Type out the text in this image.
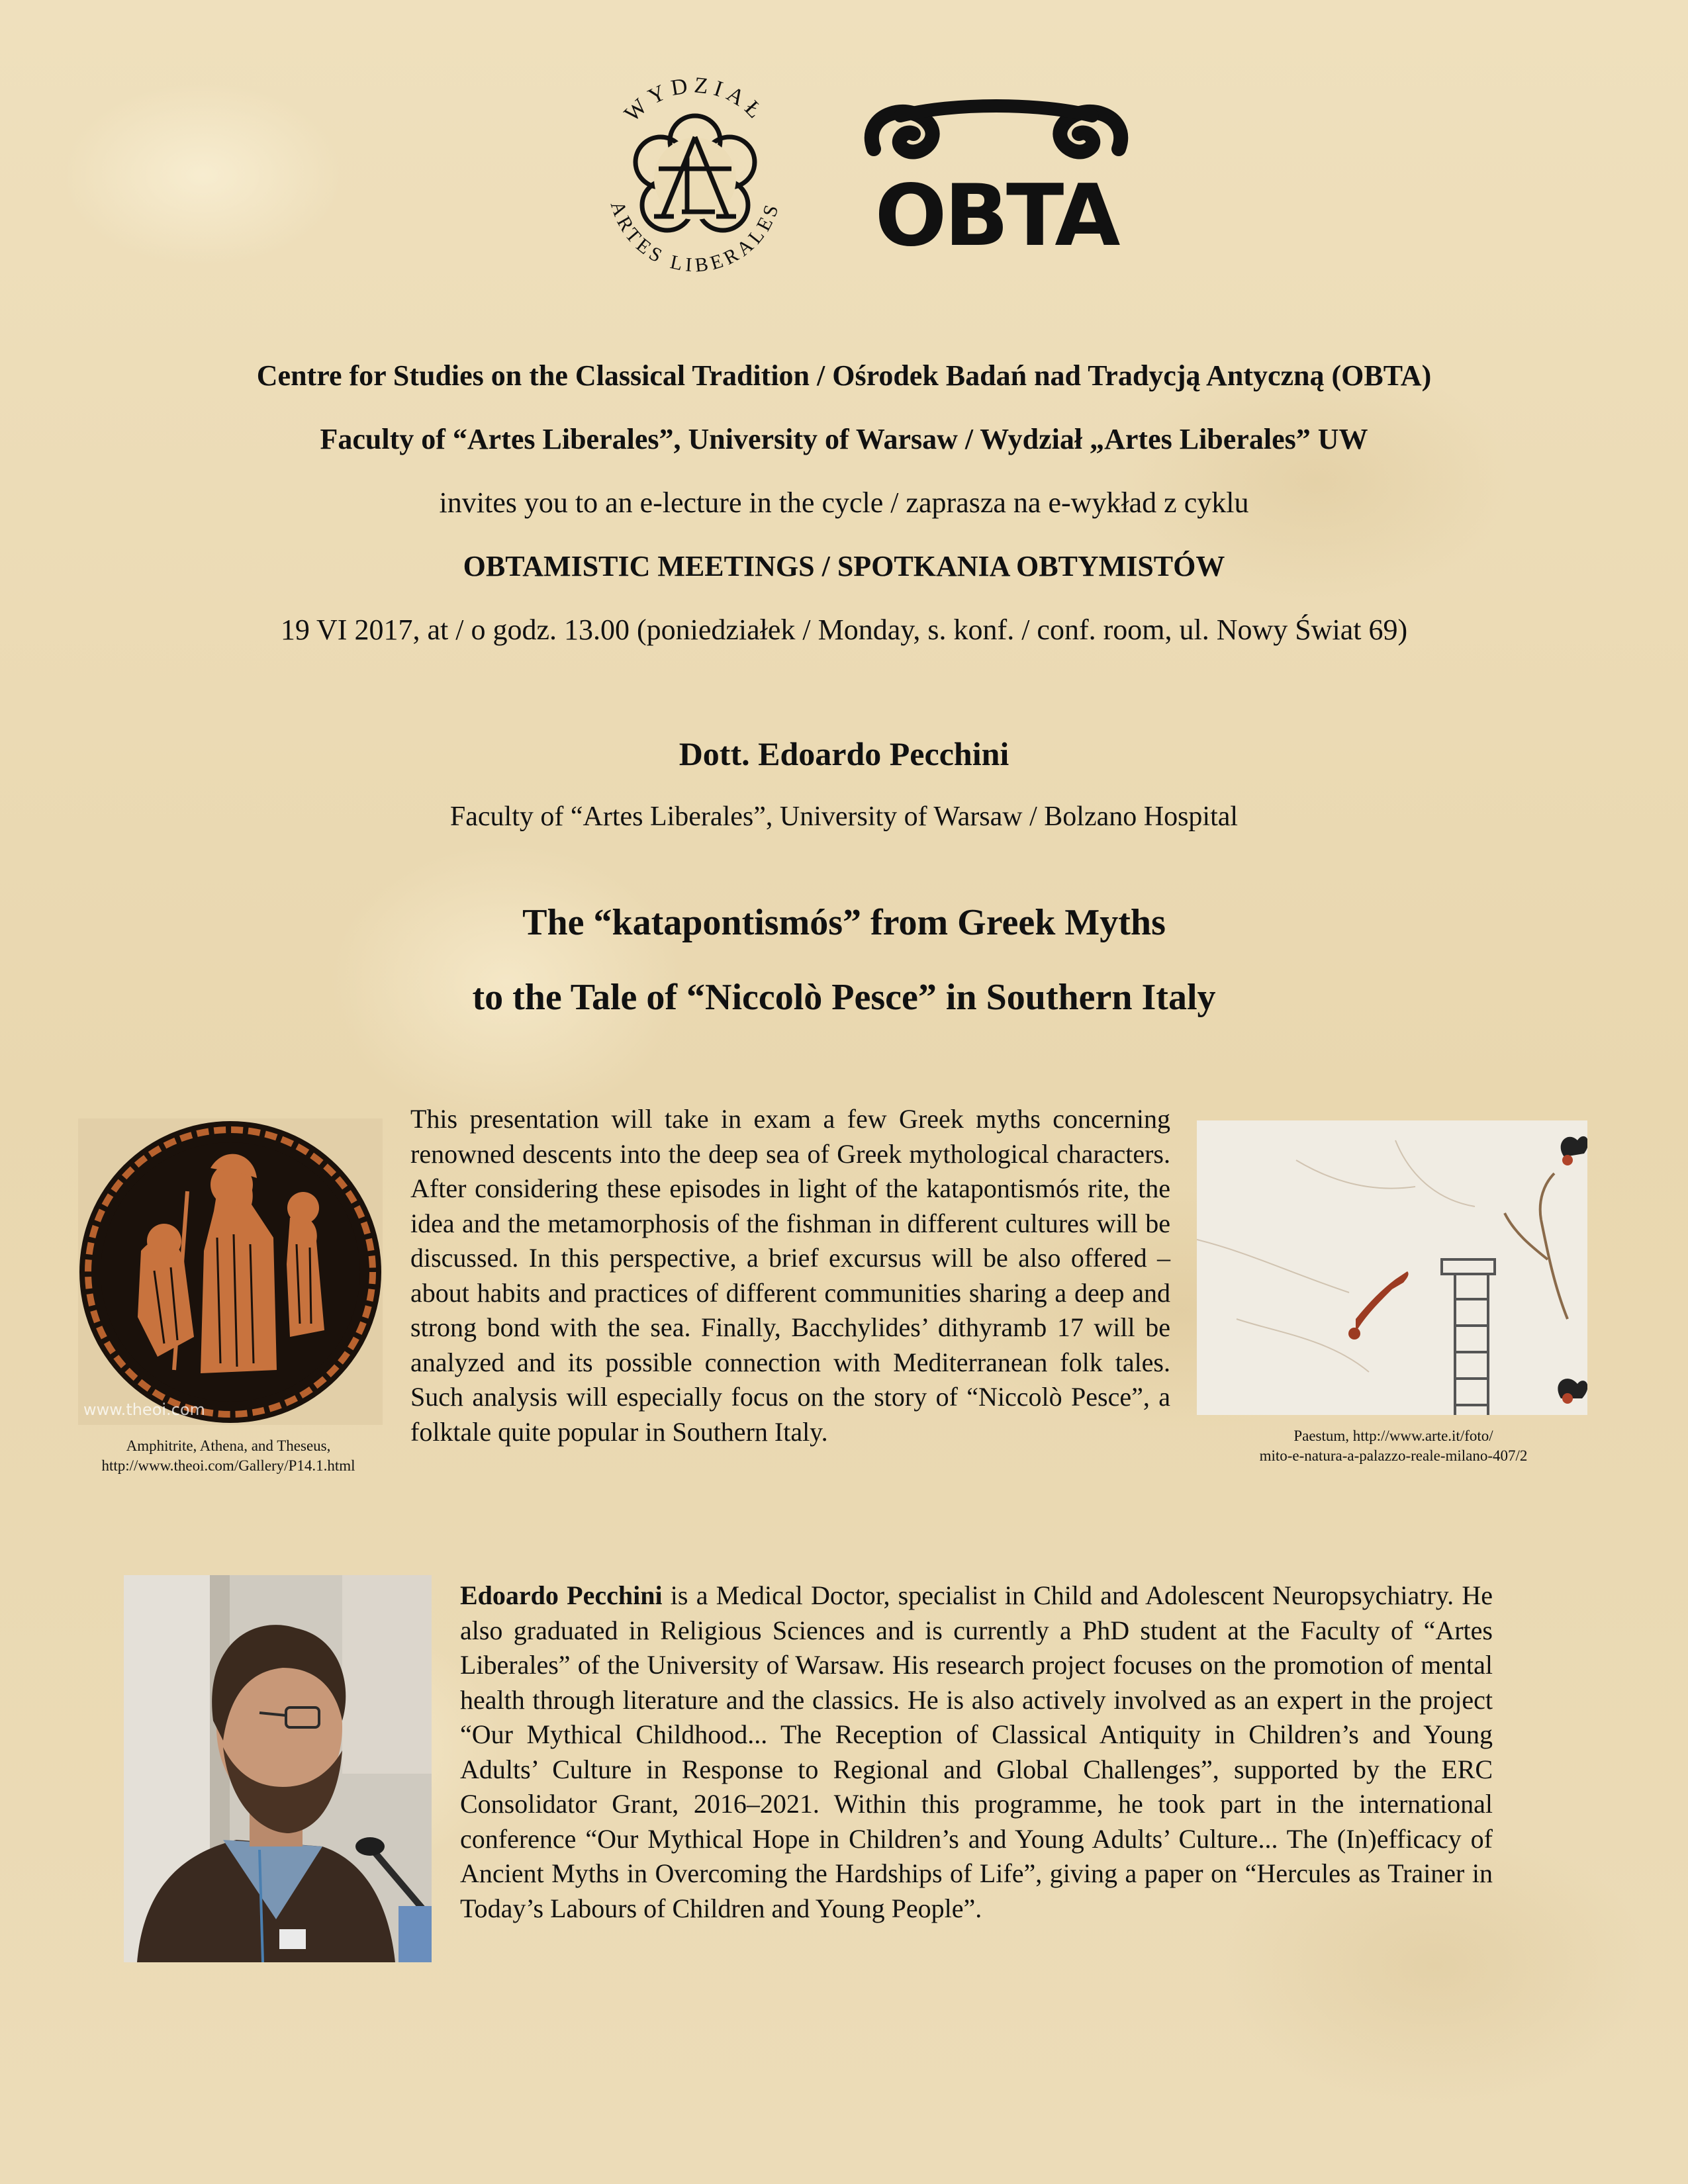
WYDZIAŁ
ARTES LIBERALES OBTA
Centre for Studies on the Classical Tradition / Ośrodek Badań nad Tradycją Antyczną (OBTA)
Faculty of “Artes Liberales”, University of Warsaw / Wydział „Artes Liberales” UW
invites you to an e-lecture in the cycle / zaprasza na e-wykład z cyklu
OBTAMISTIC MEETINGS / SPOTKANIA OBTYMISTÓW
19 VI 2017, at / o godz. 13.00 (poniedziałek / Monday, s. konf. / conf. room, ul. Nowy Świat 69)
Dott. Edoardo Pecchini
Faculty of “Artes Liberales”, University of Warsaw / Bolzano Hospital
The “katapontismós” from Greek Myths
to the Tale of “Niccolò Pesce” in Southern Italy
www.theoi.com
Amphitrite, Athena, and Theseus,
http://www.theoi.com/Gallery/P14.1.html
This presentation will take in exam a few Greek myths concerning renowned descents into the deep sea of Greek mythological characters. After considering these episodes in light of the katapontismós rite, the idea and the metamorphosis of the fishman in different cultures will be discussed. In this perspective, a brief excursus will be also offered – about habits and practices of different communities sharing a deep and strong bond with the sea. Finally, Bacchylides’ dithyramb 17 will be analyzed and its possible connection with Mediterranean folk tales. Such analysis will especially focus on the story of “Niccolò Pesce”, a folktale quite popular in Southern Italy.	Paestum, http://www.arte.it/foto/
mito-e-natura-a-palazzo-reale-milano-407/2
Edoardo Pecchini is a Medical Doctor, specialist in Child and Adolescent Neuropsychiatry. He also graduated in Religious Sciences and is currently a PhD student at the Faculty of “Artes Liberales” of the University of Warsaw. His research project focuses on the promotion of mental health through literature and the classics. He is also actively involved as an expert in the project “Our Mythical Childhood... The Reception of Classical Antiquity in Children’s and Young Adults’ Culture in Response to Regional and Global Challenges”, supported by the ERC Consolidator Grant, 2016–2021. Within this programme, he took part in the international conference “Our Mythical Hope in Children’s and Young Adults’ Culture... The (In)efficacy of Ancient Myths in Overcoming the Hardships of Life”, giving a paper on “Hercules as Trainer in Today’s Labours of Children and Young People”.
